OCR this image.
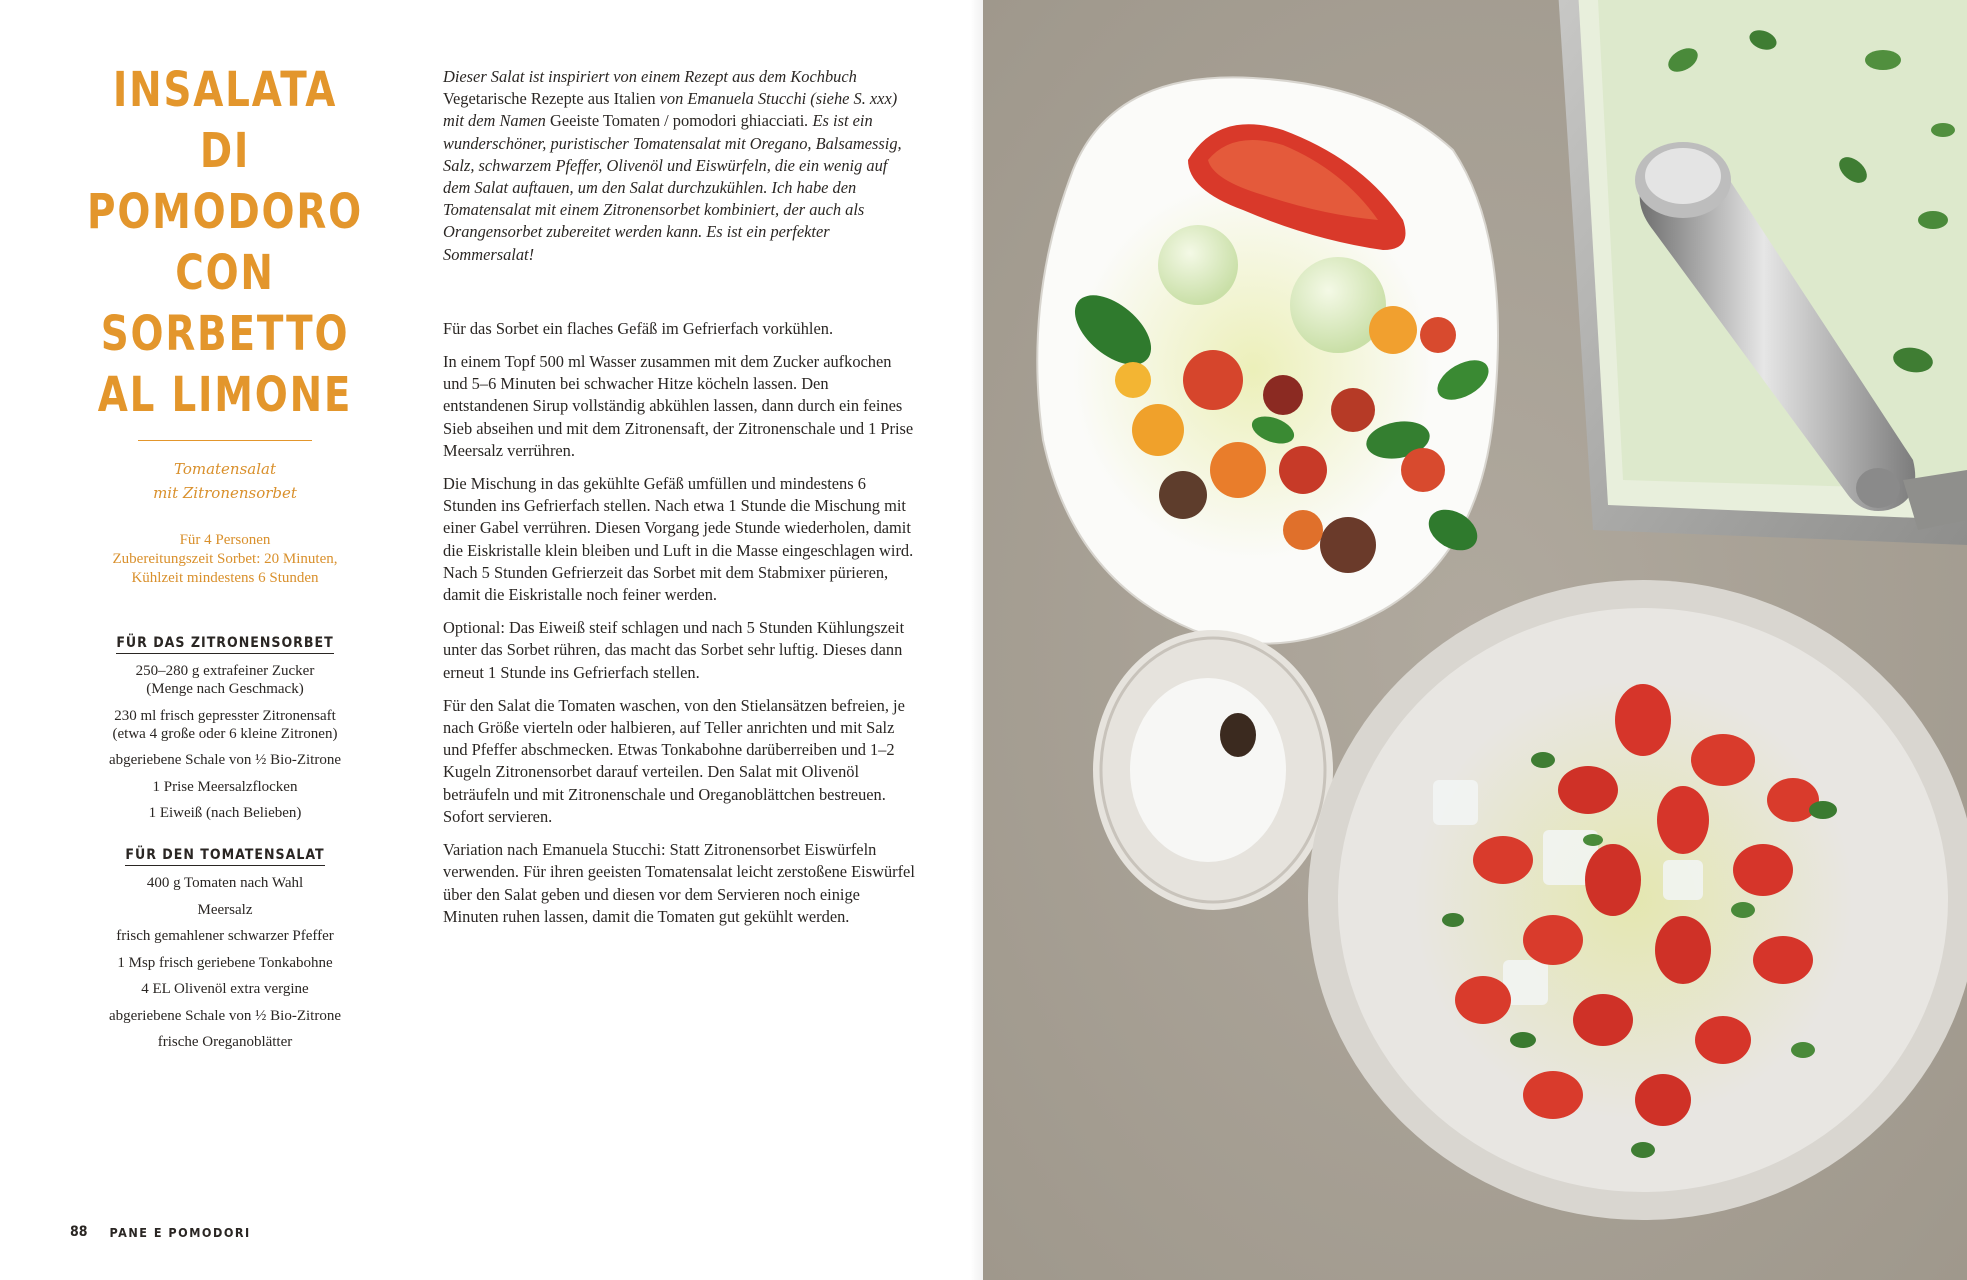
INSALATA
DI POMODORO
CON SORBETTO
AL LIMONE
Tomatensalat
mit Zitronensorbet
Für 4 Personen
Zubereitungszeit Sorbet: 20 Minuten,
Kühlzeit mindestens 6 Stunden
FÜR DAS ZITRONENSORBET
250–280 g extrafeiner Zucker
(Menge nach Geschmack)
230 ml frisch gepresster Zitronensaft
(etwa 4 große oder 6 kleine Zitronen)
abgeriebene Schale von ½ Bio-Zitrone
1 Prise Meersalzflocken
1 Eiweiß (nach Belieben)
FÜR DEN TOMATENSALAT
400 g Tomaten nach Wahl
Meersalz
frisch gemahlener schwarzer Pfeffer
1 Msp frisch geriebene Tonkabohne
4 EL Olivenöl extra vergine
abgeriebene Schale von ½ Bio-Zitrone
frische Oreganoblätter

Dieser Salat ist inspiriert von einem Rezept aus dem Kochbuch Vegetarische Rezepte aus Italien von Emanuela Stucchi (siehe S. xxx) mit dem Namen Geeiste Tomaten / pomodori ghiacciati. Es ist ein wunderschöner, puristischer Tomatensalat mit Oregano, Balsamessig, Salz, schwarzem Pfeffer, Olivenöl und Eiswürfeln, die ein wenig auf dem Salat auftauen, um den Salat durchzukühlen. Ich habe den Tomatensalat mit einem Zitronensorbet kombiniert, der auch als Orangensorbet zubereitet werden kann. Es ist ein perfekter Sommersalat!

Für das Sorbet ein flaches Gefäß im Gefrierfach vorkühlen.

In einem Topf 500 ml Wasser zusammen mit dem Zucker aufkochen und 5–6 Minuten bei schwacher Hitze köcheln lassen. Den entstandenen Sirup vollständig abkühlen lassen, dann durch ein feines Sieb abseihen und mit dem Zitronensaft, der Zitronenschale und 1 Prise Meersalz verrühren.

Die Mischung in das gekühlte Gefäß umfüllen und mindestens 6 Stunden ins Gefrierfach stellen. Nach etwa 1 Stunde die Mischung mit einer Gabel verrühren. Diesen Vorgang jede Stunde wiederholen, damit die Eiskristalle klein bleiben und Luft in die Masse eingeschlagen wird. Nach 5 Stunden Gefrierzeit das Sorbet mit dem Stabmixer pürieren, damit die Eiskristalle noch feiner werden.

Optional: Das Eiweiß steif schlagen und nach 5 Stunden Kühlungszeit unter das Sorbet rühren, das macht das Sorbet sehr luftig. Dieses dann erneut 1 Stunde ins Gefrierfach stellen.

Für den Salat die Tomaten waschen, von den Stielansätzen befreien, je nach Größe vierteln oder halbieren, auf Teller anrichten und mit Salz und Pfeffer abschmecken. Etwas Tonkabohne darüberreiben und 1–2 Kugeln Zitronensorbet darauf verteilen. Den Salat mit Olivenöl beträufeln und mit Zitronenschale und Oreganoblättchen bestreuen. Sofort servieren.

Variation nach Emanuela Stucchi: Statt Zitronensorbet Eiswürfeln verwenden. Für ihren geeisten Tomatensalat leicht zerstoßene Eiswürfel über den Salat geben und diesen vor dem Servieren noch einige Minuten ruhen lassen, damit die Tomaten gut gekühlt werden.

88 PANE E POMODORI
